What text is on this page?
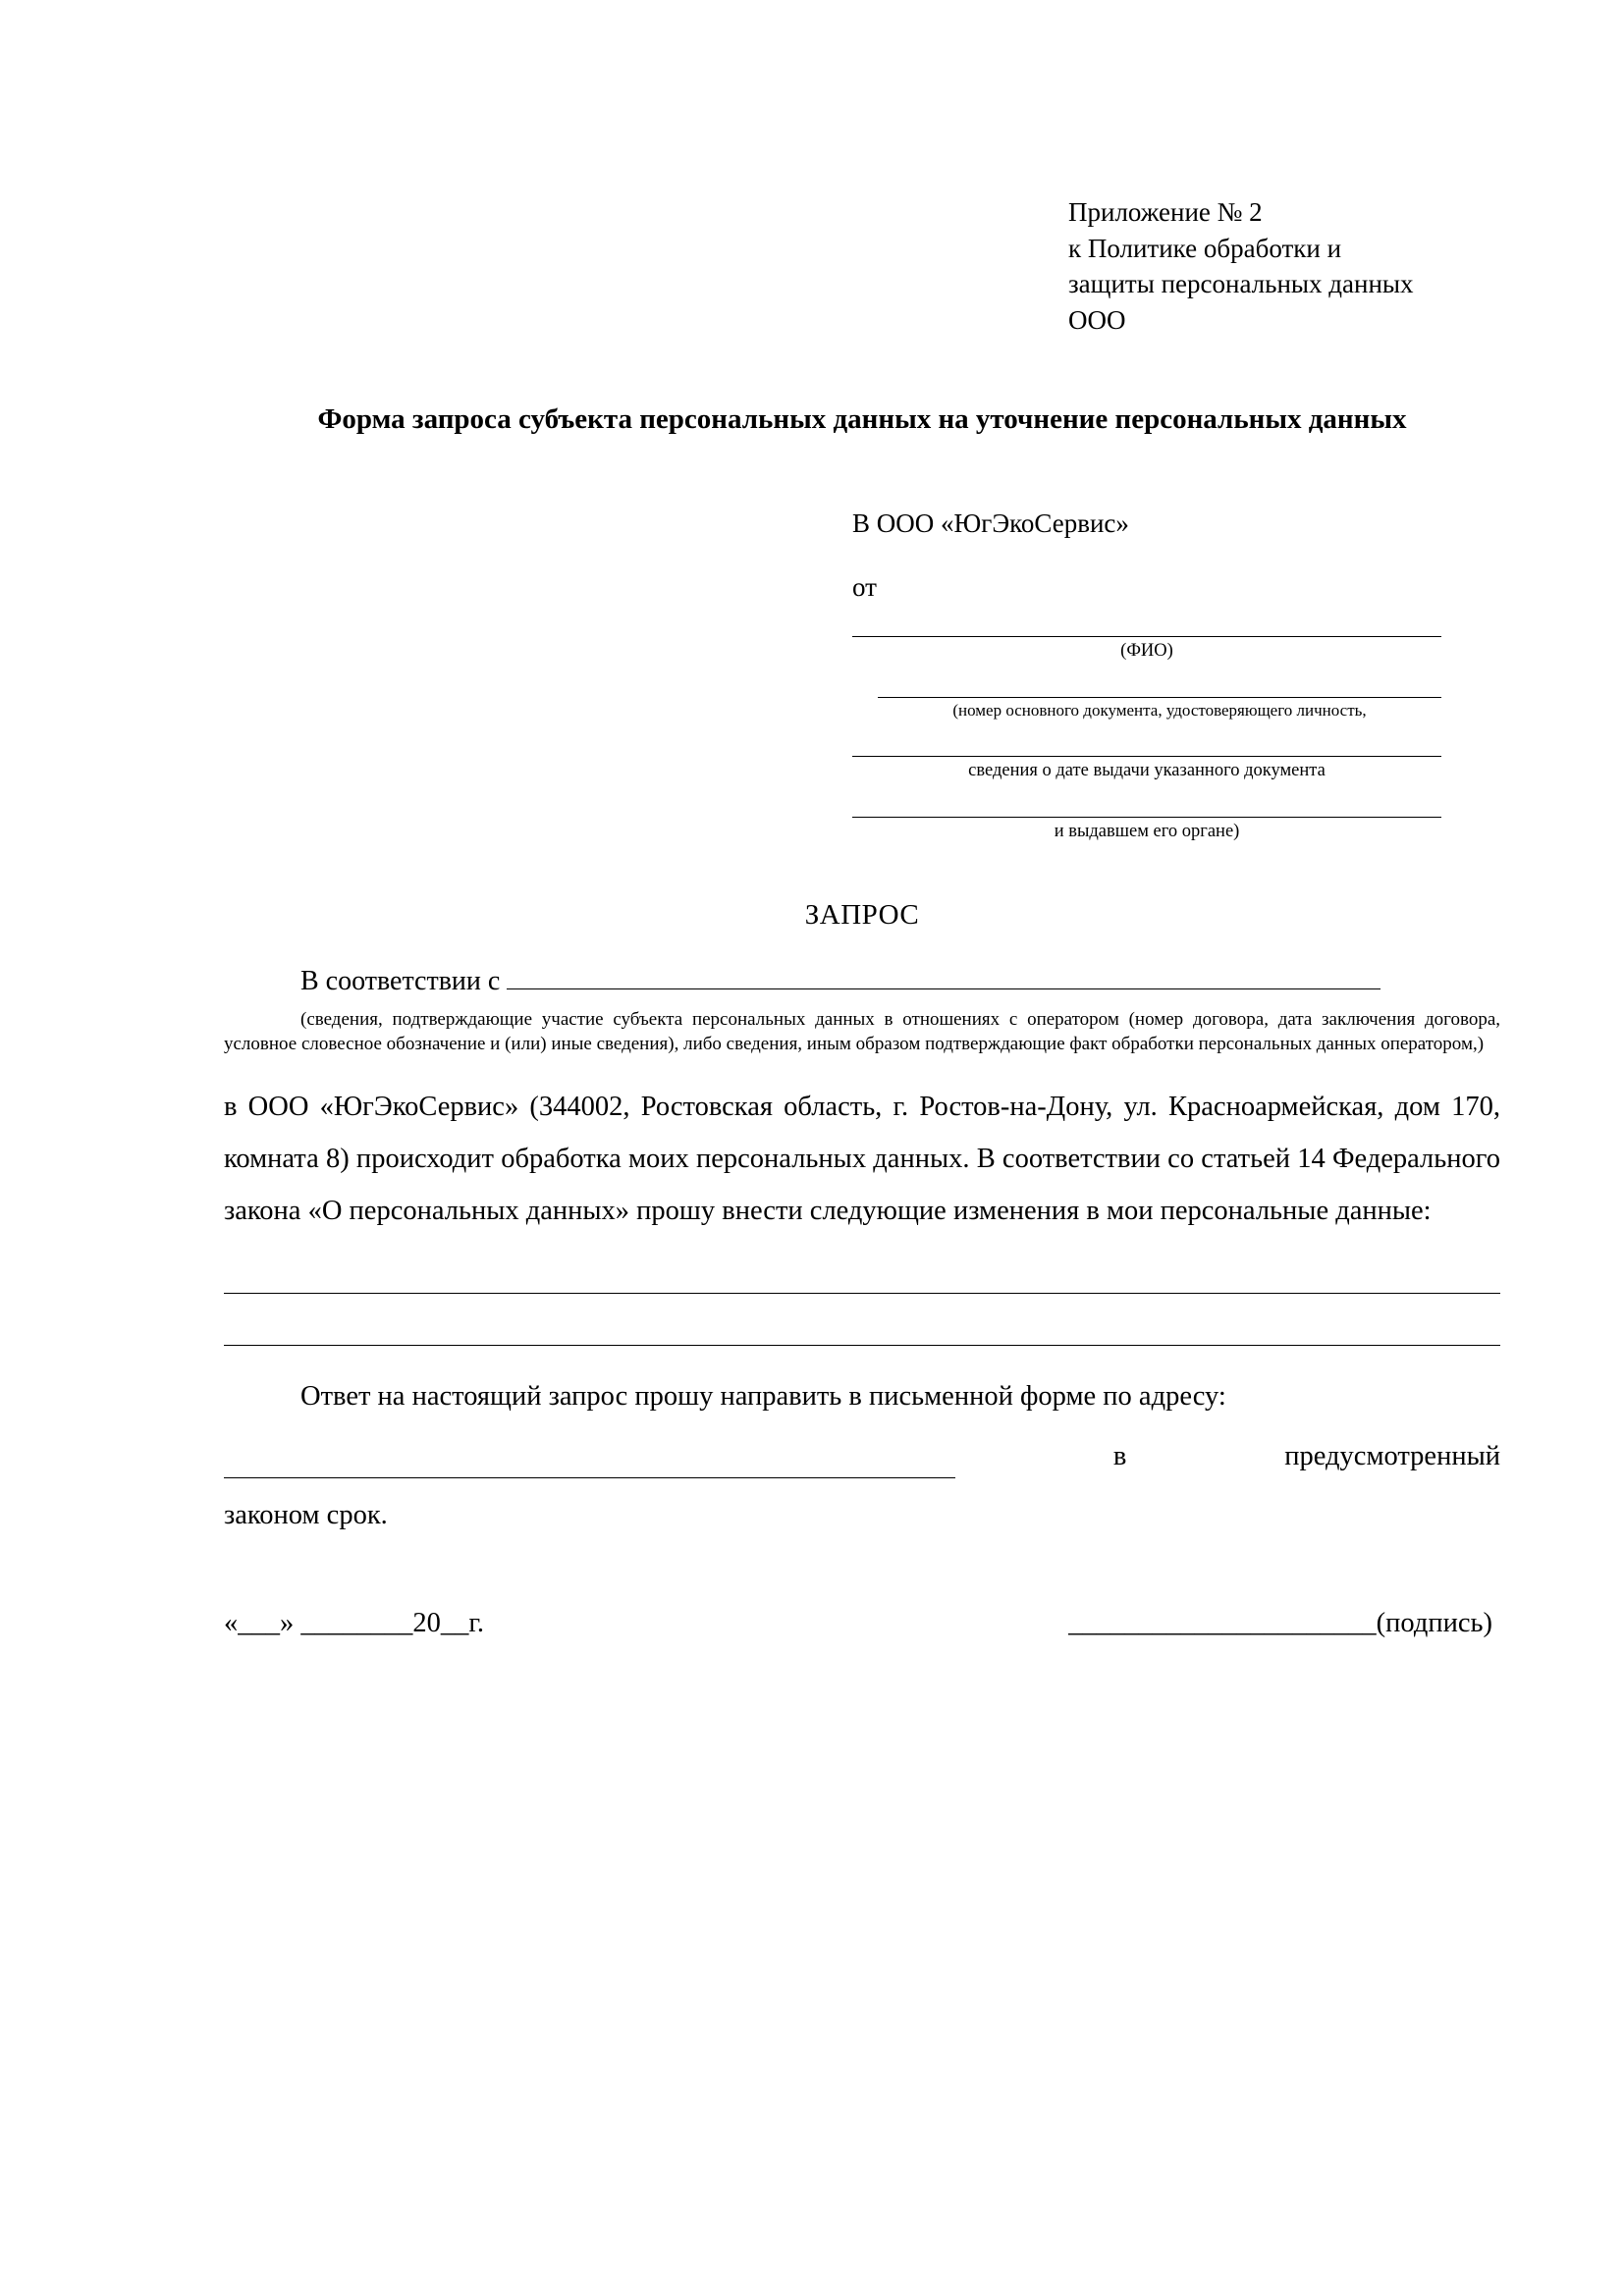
Приложение № 2
к Политике обработки и
защиты персональных данных
ООО
Форма запроса субъекта персональных данных на уточнение персональных данных
В ООО «ЮгЭкоСервис»
от
(ФИО)
(номер основного документа, удостоверяющего личность,
сведения о дате выдачи указанного документа
и выдавшем его органе)
ЗАПРОС
В соответствии с
(сведения, подтверждающие участие субъекта персональных данных в отношениях с оператором (номер договора, дата заключения договора, условное словесное обозначение и (или) иные сведения), либо сведения, иным образом подтверждающие факт обработки персональных данных оператором,)
в ООО «ЮгЭкоСервис» (344002, Ростовская область, г. Ростов-на-Дону, ул. Красноармейская, дом 170, комната 8) происходит обработка моих персональных данных. В соответствии со статьей 14 Федерального закона «О персональных данных» прошу внести следующие изменения в мои персональные данные:
Ответ на настоящий запрос прошу направить в письменной форме по адресу:
в	предусмотренный
законом срок.
«___» ________20__г.	______________________(подпись)
